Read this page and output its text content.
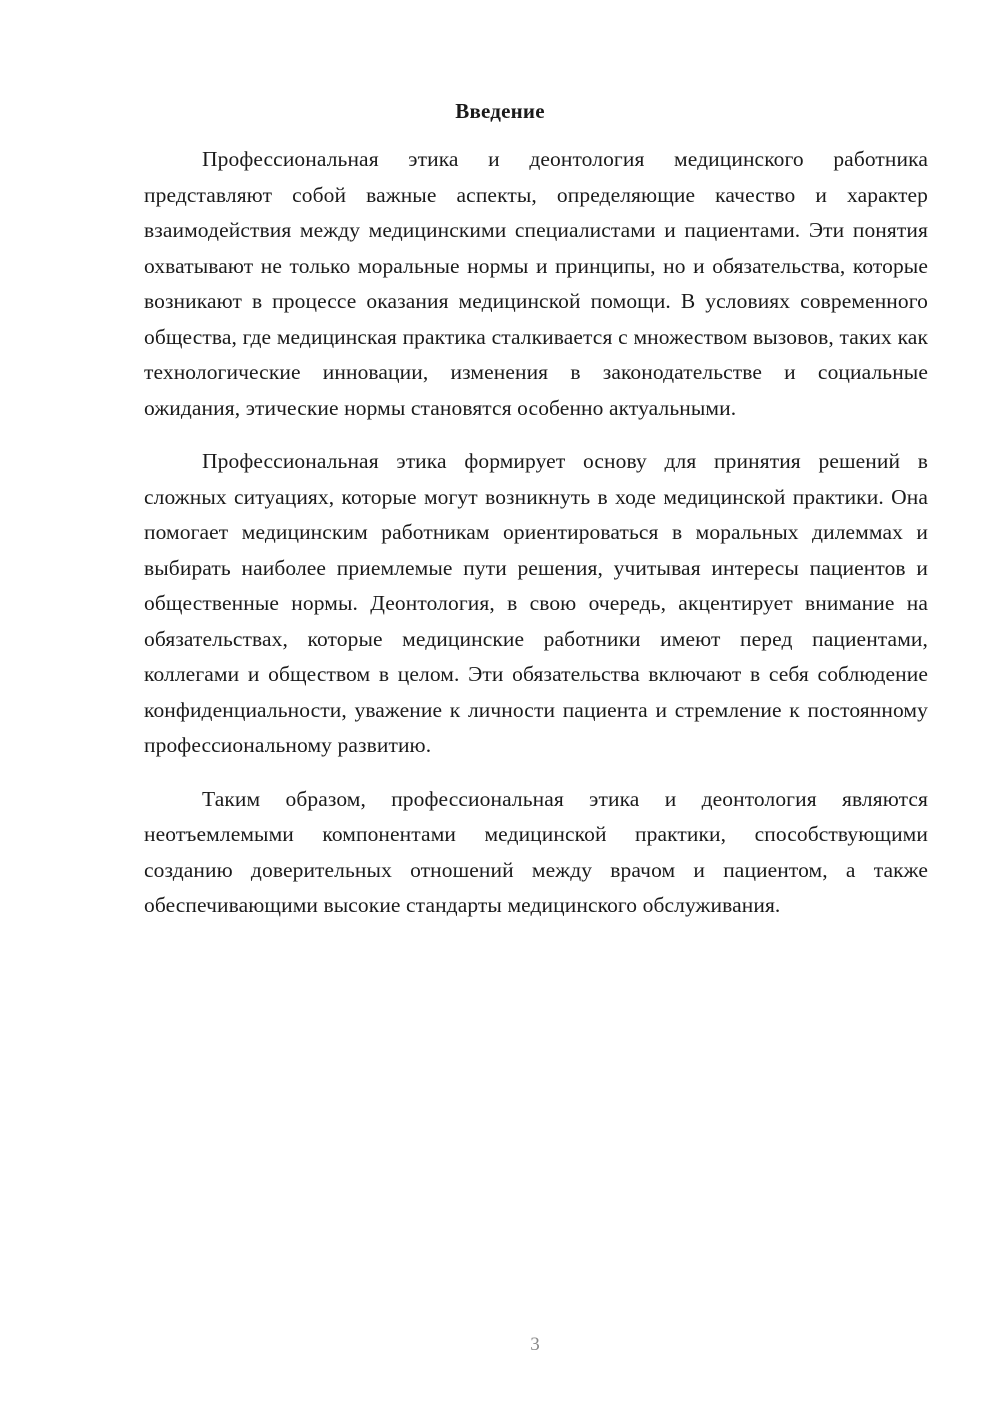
Введение

Профессиональная этика и деонтология медицинского работника представляют собой важные аспекты, определяющие качество и характер взаимодействия между медицинскими специалистами и пациентами. Эти понятия охватывают не только моральные нормы и принципы, но и обязательства, которые возникают в процессе оказания медицинской помощи. В условиях современного общества, где медицинская практика сталкивается с множеством вызовов, таких как технологические инновации, изменения в законодательстве и социальные ожидания, этические нормы становятся особенно актуальными.

Профессиональная этика формирует основу для принятия решений в сложных ситуациях, которые могут возникнуть в ходе медицинской практики. Она помогает медицинским работникам ориентироваться в моральных дилеммах и выбирать наиболее приемлемые пути решения, учитывая интересы пациентов и общественные нормы. Деонтология, в свою очередь, акцентирует внимание на обязательствах, которые медицинские работники имеют перед пациентами, коллегами и обществом в целом. Эти обязательства включают в себя соблюдение конфиденциальности, уважение к личности пациента и стремление к постоянному профессиональному развитию.

Таким образом, профессиональная этика и деонтология являются неотъемлемыми компонентами медицинской практики, способствующими созданию доверительных отношений между врачом и пациентом, а также обеспечивающими высокие стандарты медицинского обслуживания.

3
